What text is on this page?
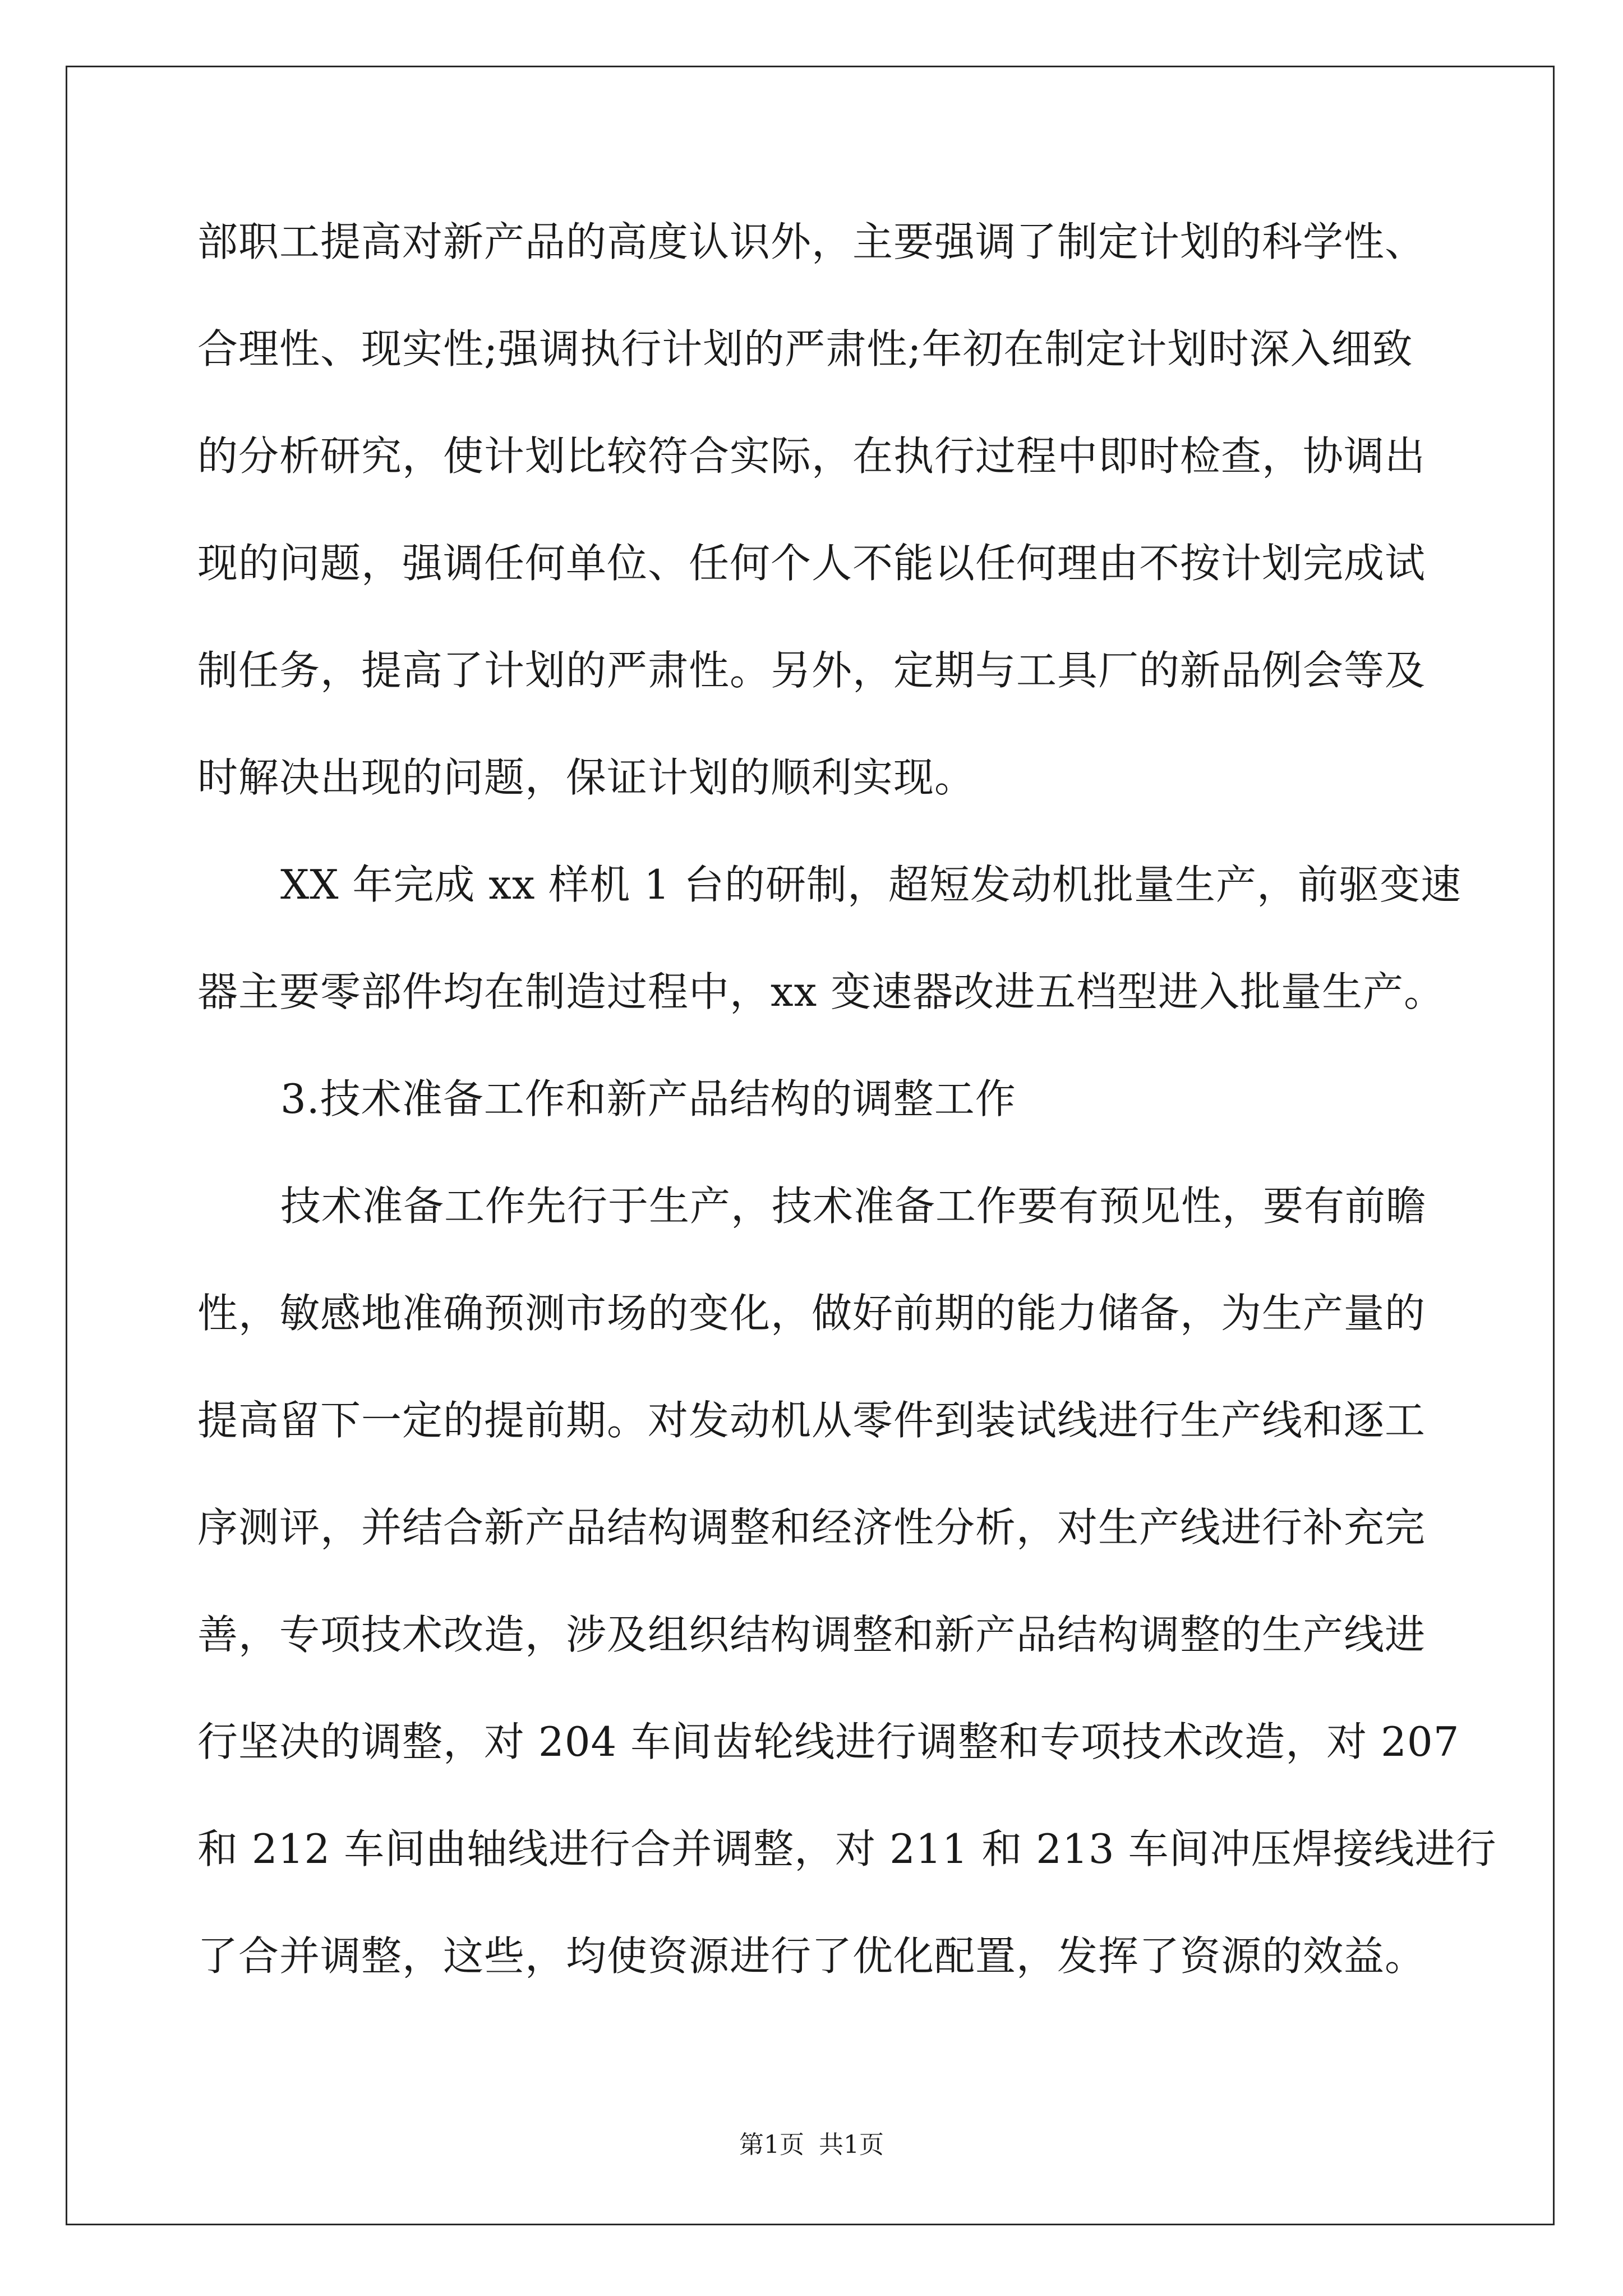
部职工提高对新产品的高度认识外，主要强调了制定计划的科学性、
合理性、现实性;强调执行计划的严肃性;年初在制定计划时深入细致
的分析研究，使计划比较符合实际，在执行过程中即时检查，协调出
现的问题，强调任何单位、任何个人不能以任何理由不按计划完成试
制任务，提高了计划的严肃性。另外，定期与工具厂的新品例会等及
时解决出现的问题，保证计划的顺利实现。
XX 年完成 xx 样机 1 台的研制，超短发动机批量生产，前驱变速
器主要零部件均在制造过程中，xx 变速器改进五档型进入批量生产。
3.技术准备工作和新产品结构的调整工作
技术准备工作先行于生产，技术准备工作要有预见性，要有前瞻
性，敏感地准确预测市场的变化，做好前期的能力储备，为生产量的
提高留下一定的提前期。对发动机从零件到装试线进行生产线和逐工
序测评，并结合新产品结构调整和经济性分析，对生产线进行补充完
善，专项技术改造，涉及组织结构调整和新产品结构调整的生产线进
行坚决的调整，对 204 车间齿轮线进行调整和专项技术改造，对 207
和 212 车间曲轴线进行合并调整，对 211 和 213 车间冲压焊接线进行
了合并调整，这些，均使资源进行了优化配置，发挥了资源的效益。
第1页 共1页
